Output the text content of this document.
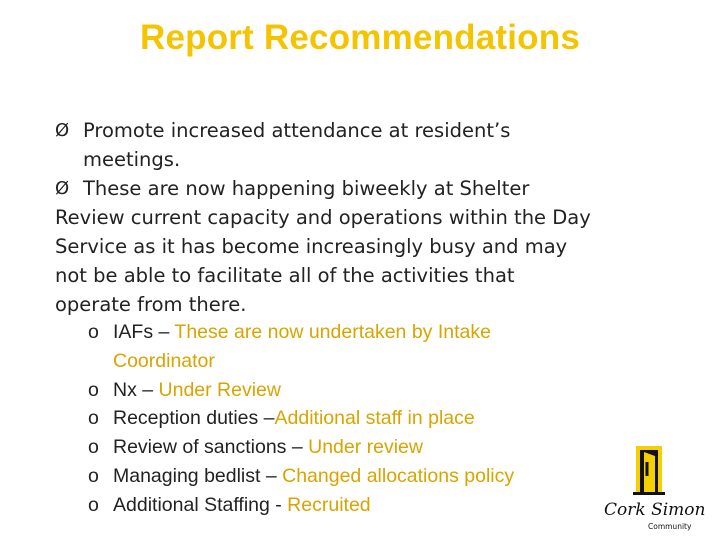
Report Recommendations
Ø Promote increased attendance at resident’s
meetings.
Ø These are now happening biweekly at Shelter
Review current capacity and operations within the Day
Service as it has become increasingly busy and may
not be able to facilitate all of the activities that
operate from there.
o IAFs – These are now undertaken by Intake
Coordinator
o Nx – Under Review
o Reception duties –Additional staff in place
o Review of sanctions – Under review
o Managing bedlist – Changed allocations policy
o Additional Staffing - Recruited	Cork Simon
Community
